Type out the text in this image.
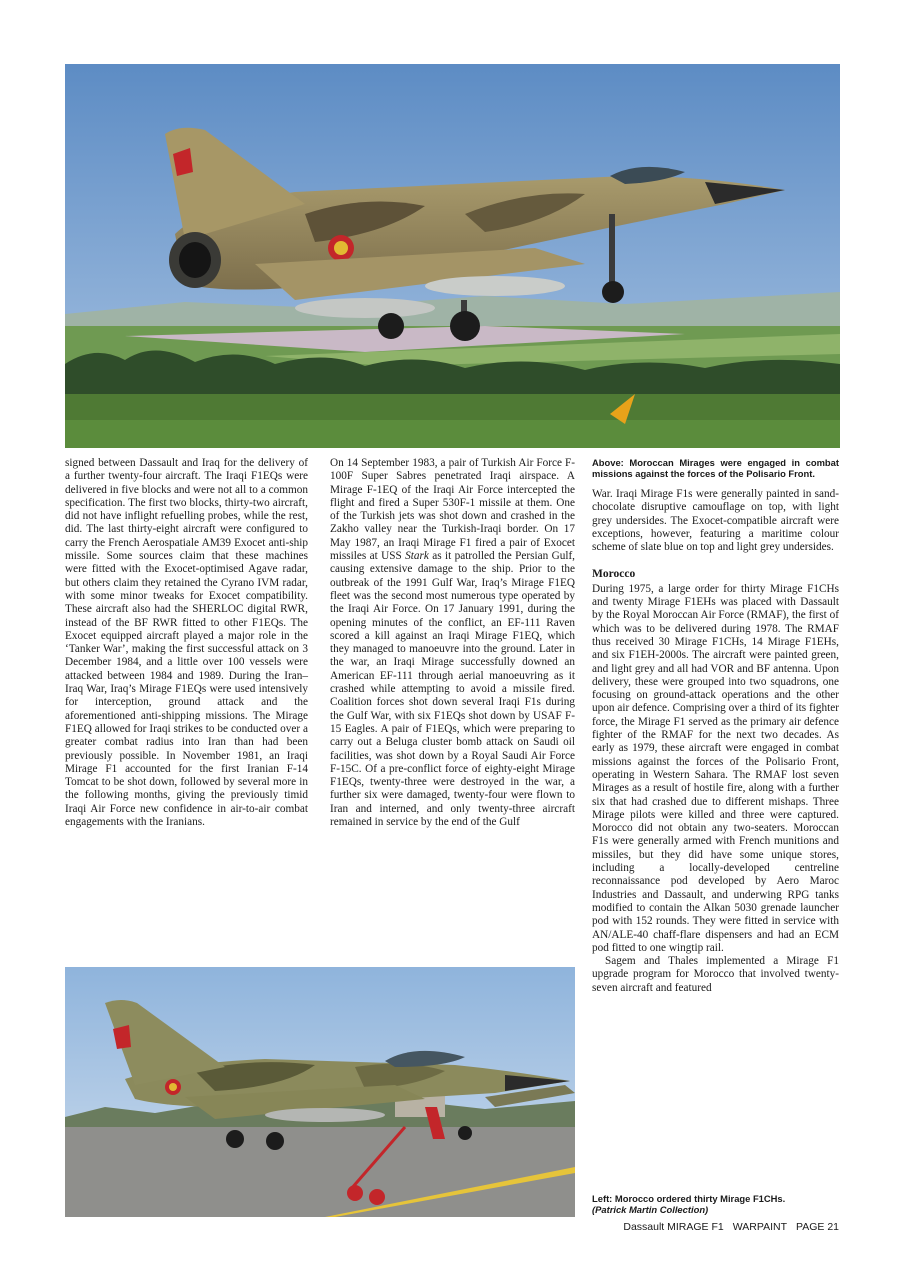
signed between Dassault and Iraq for the delivery of a further twenty-four aircraft. The Iraqi F1EQs were delivered in five blocks and were not all to a common specification. The first two blocks, thirty-two aircraft, did not have inflight refuelling probes, while the rest, did. The last thirty-eight aircraft were configured to carry the French Aerospatiale AM39 Exocet anti-ship missile. Some sources claim that these machines were fitted with the Exocet-optimised Agave radar, but others claim they retained the Cyrano IVM radar, with some minor tweaks for Exocet compatibility. These aircraft also had the SHERLOC digital RWR, instead of the BF RWR fitted to other F1EQs. The Exocet equipped aircraft played a major role in the ‘Tanker War’, making the first successful attack on 3 December 1984, and a little over 100 vessels were attacked between 1984 and 1989. During the Iran–Iraq War, Iraq’s Mirage F1EQs were used intensively for interception, ground attack and the aforementioned anti-shipping missions. The Mirage F1EQ allowed for Iraqi strikes to be conducted over a greater combat radius into Iran than had been previously possible. In November 1981, an Iraqi Mirage F1 accounted for the first Iranian F-14 Tomcat to be shot down, followed by several more in the following months, giving the previously timid Iraqi Air Force new confidence in air-to-air combat engagements with the Iranians.

On 14 September 1983, a pair of Turkish Air Force F-100F Super Sabres penetrated Iraqi airspace. A Mirage F-1EQ of the Iraqi Air Force intercepted the flight and fired a Super 530F-1 missile at them. One of the Turkish jets was shot down and crashed in the Zakho valley near the Turkish-Iraqi border. On 17 May 1987, an Iraqi Mirage F1 fired a pair of Exocet missiles at USS Stark as it patrolled the Persian Gulf, causing extensive damage to the ship. Prior to the outbreak of the 1991 Gulf War, Iraq’s Mirage F1EQ fleet was the second most numerous type operated by the Iraqi Air Force. On 17 January 1991, during the opening minutes of the conflict, an EF-111 Raven scored a kill against an Iraqi Mirage F1EQ, which they managed to manoeuvre into the ground. Later in the war, an Iraqi Mirage successfully downed an American EF-111 through aerial manoeuvring as it crashed while attempting to avoid a missile fired. Coalition forces shot down several Iraqi F1s during the Gulf War, with six F1EQs shot down by USAF F-15 Eagles. A pair of F1EQs, which were preparing to carry out a Beluga cluster bomb attack on Saudi oil facilities, was shot down by a Royal Saudi Air Force F-15C. Of a pre-conflict force of eighty-eight Mirage F1EQs, twenty-three were destroyed in the war, a further six were damaged, twenty-four were flown to Iran and interned, and only twenty-three aircraft remained in service by the end of the Gulf

Above: Moroccan Mirages were engaged in combat missions against the forces of the Polisario Front.

War. Iraqi Mirage F1s were generally painted in sand-chocolate disruptive camouflage on top, with light grey undersides. The Exocet-compatible aircraft were exceptions, however, featuring a maritime colour scheme of slate blue on top and light grey undersides.

Morocco

During 1975, a large order for thirty Mirage F1CHs and twenty Mirage F1EHs was placed with Dassault by the Royal Moroccan Air Force (RMAF), the first of which was to be delivered during 1978. The RMAF thus received 30 Mirage F1CHs, 14 Mirage F1EHs, and six F1EH-2000s. The aircraft were painted green, and light grey and all had VOR and BF antenna. Upon delivery, these were grouped into two squadrons, one focusing on ground-attack operations and the other upon air defence. Comprising over a third of its fighter force, the Mirage F1 served as the primary air defence fighter of the RMAF for the next two decades. As early as 1979, these aircraft were engaged in combat missions against the forces of the Polisario Front, operating in Western Sahara. The RMAF lost seven Mirages as a result of hostile fire, along with a further six that had crashed due to different mishaps. Three Mirage pilots were killed and three were captured. Morocco did not obtain any two-seaters. Moroccan F1s were generally armed with French munitions and missiles, but they did have some unique stores, including a locally-developed centreline reconnaissance pod developed by Aero Maroc Industries and Dassault, and underwing RPG tanks modified to contain the Alkan 5030 grenade launcher pod with 152 rounds. They were fitted in service with AN/ALE-40 chaff-flare dispensers and had an ECM pod fitted to one wingtip rail.

Sagem and Thales implemented a Mirage F1 upgrade program for Morocco that involved twenty-seven aircraft and featured

Left: Morocco ordered thirty Mirage F1CHs.
(Patrick Martin Collection)
Dassault MIRAGE F1 WARPAINT PAGE 21
